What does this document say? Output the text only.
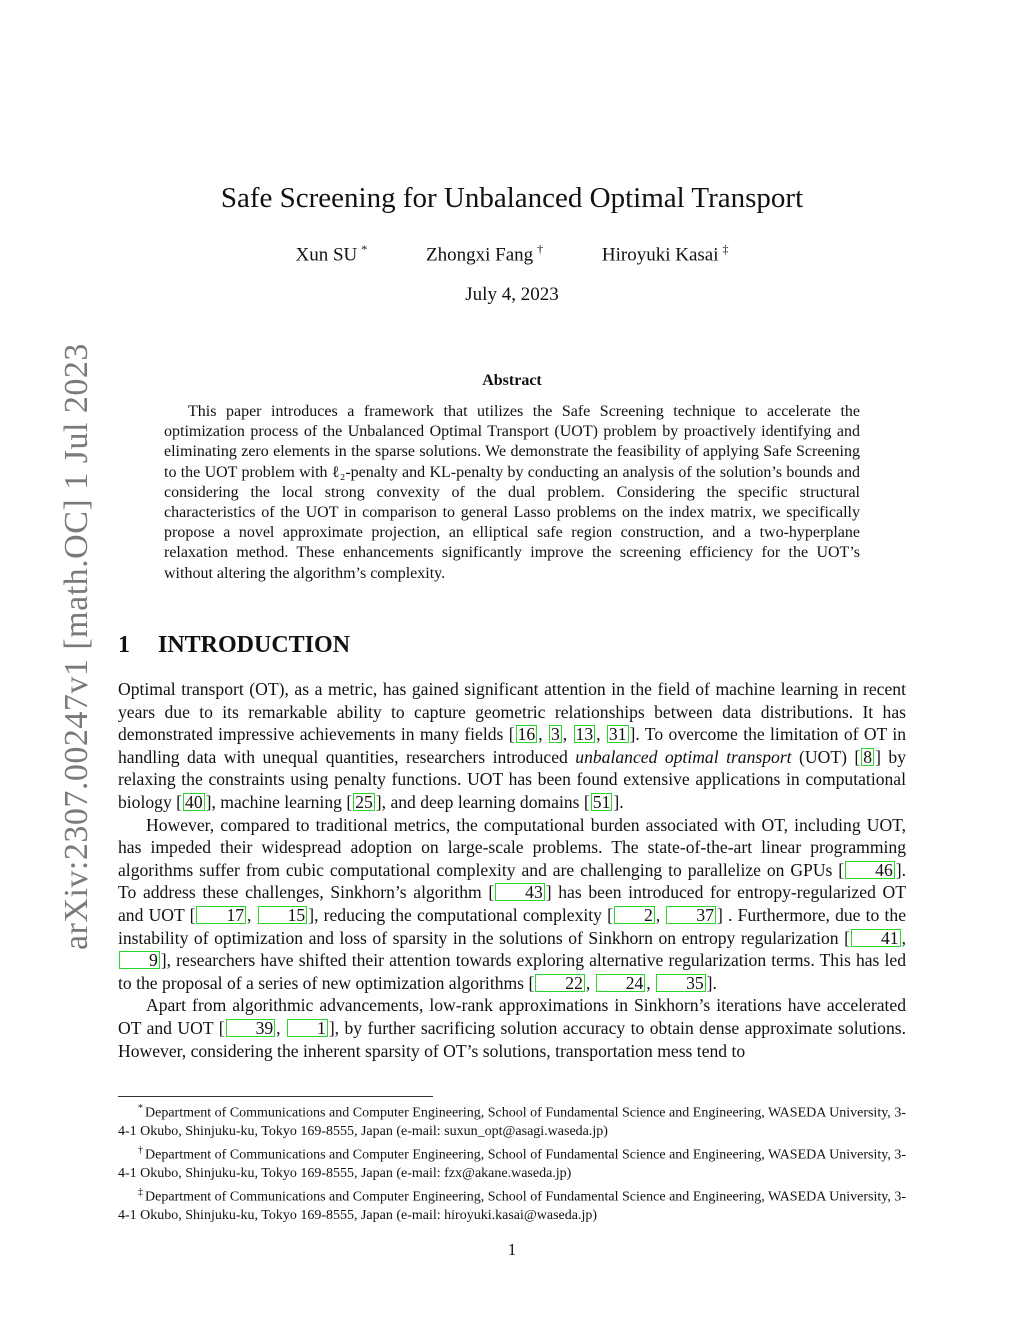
arXiv:2307.00247v1 [math.OC] 1 Jul 2023
Safe Screening for Unbalanced Optimal Transport
Xun SU *	Zhongxi Fang †	Hiroyuki Kasai ‡
July 4, 2023
Abstract

This paper introduces a framework that utilizes the Safe Screening technique to accelerate the optimization process of the Unbalanced Optimal Transport (UOT) problem by proactively identifying and eliminating zero elements in the sparse solutions. We demonstrate the feasibility of applying Safe Screening to the UOT problem with ℓ₂-penalty and KL-penalty by conducting an analysis of the solution’s bounds and considering the local strong convexity of the dual problem. Considering the specific structural characteristics of the UOT in comparison to general Lasso problems on the index matrix, we specifically propose a novel approximate projection, an elliptical safe region construction, and a two-hyperplane relaxation method. These enhancements significantly improve the screening efficiency for the UOT’s without altering the algorithm’s complexity.

1 INTRODUCTION

Optimal transport (OT), as a metric, has gained significant attention in the field of machine learning in recent years due to its remarkable ability to capture geometric relationships between data distributions. It has demonstrated impressive achievements in many fields [ 16 , 3 , 13 , 31 ]. To overcome the limitation of OT in handling data with unequal quantities, researchers introduced unbalanced optimal transport (UOT) [ 8 ] by relaxing the constraints using penalty functions. UOT has been found extensive applications in computational biology [ 40 ], machine learning [ 25 ], and deep learning domains [ 51 ].

However, compared to traditional metrics, the computational burden associated with OT, including UOT, has impeded their widespread adoption on large-scale problems. The state-of-the-art linear programming algorithms suffer from cubic computational complexity and are challenging to parallelize on GPUs [ 46 ]. To address these challenges, Sinkhorn’s algorithm [ 43 ] has been introduced for entropy-regularized OT and UOT [ 17 , 15 ], reducing the computational complexity [ 2 , 37 ] . Furthermore, due to the instability of optimization and loss of sparsity in the solutions of Sinkhorn on entropy regularization [ 41 , 9 ], researchers have shifted their attention towards exploring alternative regularization terms. This has led to the proposal of a series of new optimization algorithms [ 22 , 24 , 35 ].

Apart from algorithmic advancements, low-rank approximations in Sinkhorn’s iterations have accelerated OT and UOT [ 39 , 1 ], by further sacrificing solution accuracy to obtain dense approximate solutions. However, considering the inherent sparsity of OT’s solutions, transportation mess tend to

* Department of Communications and Computer Engineering, School of Fundamental Science and Engineering, WASEDA University, 3-4-1 Okubo, Shinjuku-ku, Tokyo 169-8555, Japan (e-mail: suxun_opt@asagi.waseda.jp)

† Department of Communications and Computer Engineering, School of Fundamental Science and Engineering, WASEDA University, 3-4-1 Okubo, Shinjuku-ku, Tokyo 169-8555, Japan (e-mail: fzx@akane.waseda.jp)

‡ Department of Communications and Computer Engineering, School of Fundamental Science and Engineering, WASEDA University, 3-4-1 Okubo, Shinjuku-ku, Tokyo 169-8555, Japan (e-mail: hiroyuki.kasai@waseda.jp)

1
